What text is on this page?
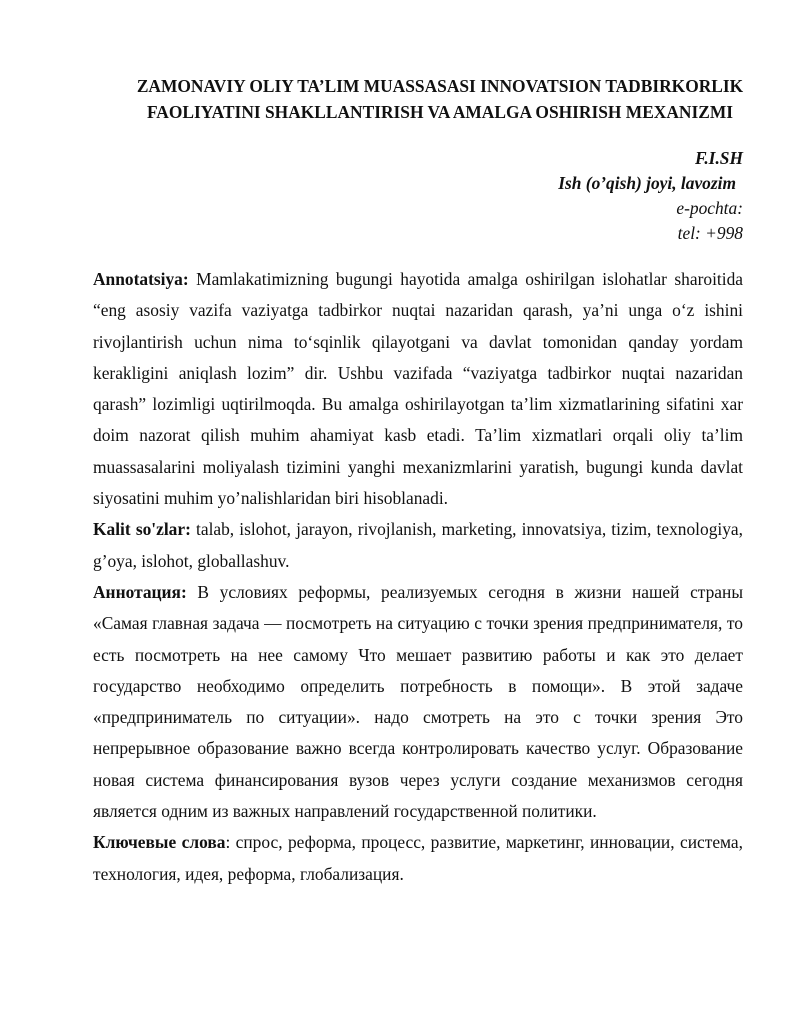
ZAMONAVIY OLIY TA’LIM MUASSASASI INNOVATSION TADBIRKORLIK FAOLIYATINI SHAKLLANTIRISH VA AMALGA OSHIRISH MEXANIZMI
F.I.SH
Ish (o’qish) joyi, lavozim
e-pochta:
tel: +998

Annotatsiya: Mamlakatimizning bugungi hayotida amalga oshirilgan islohatlar sharoitida “eng asosiy vazifa vaziyatga tadbirkor nuqtai nazaridan qarash, ya’ni unga o‘z ishini rivojlantirish uchun nima to‘sqinlik qilayotgani va davlat tomonidan qanday yordam kerakligini aniqlash lozim” dir. Ushbu vazifada “vaziyatga tadbirkor nuqtai nazaridan qarash” lozimligi uqtirilmoqda. Bu amalga oshirilayotgan ta’lim xizmatlarining sifatini xar doim nazorat qilish muhim ahamiyat kasb etadi. Ta’lim xizmatlari orqali oliy ta’lim muassasalarini moliyalash tizimini yanghi mexanizmlarini yaratish, bugungi kunda davlat siyosatini muhim yo’nalishlaridan biri hisoblanadi.

Kalit so'zlar: talab, islohot, jarayon, rivojlanish, marketing, innovatsiya, tizim, texnologiya, g’oya, islohot, globallashuv.

Аннотация: В условиях реформы, реализуемых сегодня в жизни нашей страны «Самая главная задача — посмотреть на ситуацию с точки зрения предпринимателя, то есть посмотреть на нее самому Что мешает развитию работы и как это делает государство необходимо определить потребность в помощи». В этой задаче «предприниматель по ситуации». надо смотреть на это с точки зрения Это непрерывное образование важно всегда контролировать качество услуг. Образование новая система финансирования вузов через услуги создание механизмов сегодня является одним из важных направлений государственной политики.

Ключевые слова: спрос, реформа, процесс, развитие, маркетинг, инновации, система, технология, идея, реформа, глобализация.
